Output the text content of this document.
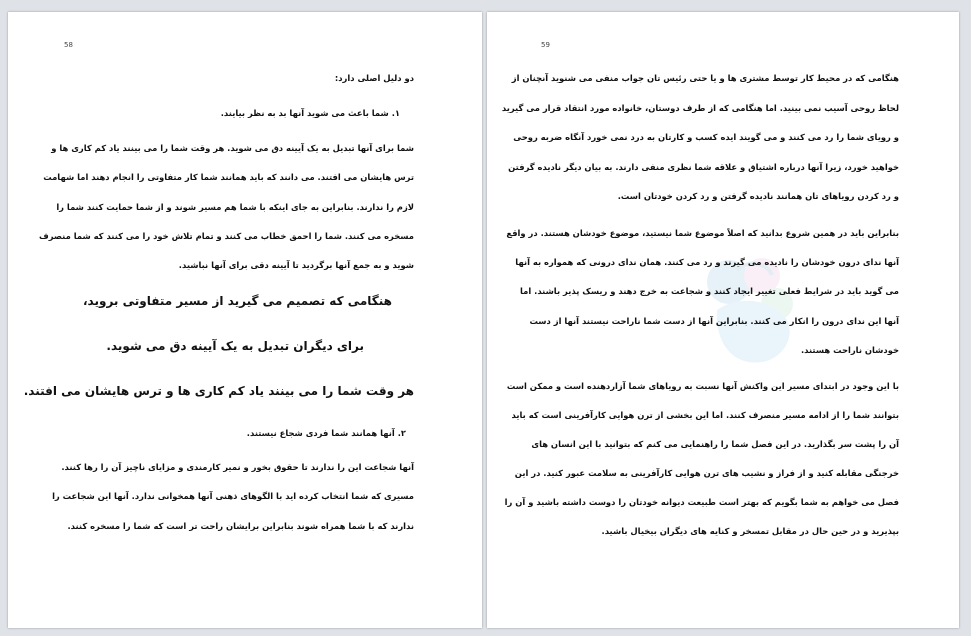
58
دو دلیل اصلی دارد:
١. شما باعث می شوید آنها بد به نظر بیایند.
شما برای آنها تبدیل به یک آیینه دق می شوید. هر وقت شما را می بینند یاد کم کاری ها و
ترس هایشان می افتند. می دانند که باید همانند شما کار متفاوتی را انجام دهند اما شهامت
لازم را ندارند. بنابراین به جای اینکه با شما هم مسیر شوند و از شما حمایت کنند شما را
مسخره می کنند. شما را احمق خطاب می کنند و تمام تلاش خود را می کنند که شما منصرف
شوید و به جمع آنها برگردید تا آیینه دقی برای آنها نباشید.
هنگامی که تصمیم می گیرید از مسیر متفاوتی بروید،
برای دیگران تبدیل به یک آیینه دق می شوید.
هر وقت شما را می بینند یاد کم کاری ها و ترس هایشان می افتند.
٢. آنها همانند شما فردی شجاع نیستند.
آنها شجاعت این را ندارند تا حقوق بخور و نمیر کارمندی و مزایای ناچیز آن را رها کنند.
مسیری که شما انتخاب کرده اید با الگوهای ذهنی آنها همخوانی ندارد. آنها این شجاعت را
ندارند که با شما همراه شوند بنابراین برایشان راحت تر است که شما را مسخره کنند.
59
هنگامی که در محیط کار توسط مشتری ها و یا حتی رئیس تان جواب منفی می شنوید آنچنان از
لحاظ روحی آسیب نمی بینید. اما هنگامی که از طرف دوستان، خانواده مورد انتقاد قرار می گیرید
و رویای شما را رد می کنند و می گویند ایده کسب و کارتان به درد نمی خورد آنگاه ضربه روحی
خواهید خورد، زیرا آنها درباره اشتیاق و علاقه شما نظری منفی دارند. به بیان دیگر نادیده گرفتن
و رد کردن رویاهای تان همانند نادیده گرفتن و رد کردن خودتان است.
بنابراین باید در همین شروع بدانید که اصلاً موضوع شما نیستید، موضوع خودشان هستند. در واقع
آنها ندای درون خودشان را نادیده می گیرند و رد می کنند. همان ندای درونی که همواره به آنها
می گوید باید در شرایط فعلی تغییر ایجاد کنند و شجاعت به خرج دهند و ریسک پذیر باشند. اما
آنها این ندای درون را انکار می کنند. بنابراین آنها از دست شما ناراحت نیستند آنها از دست
خودشان ناراحت هستند.
با این وجود در ابتدای مسیر این واکنش آنها نسبت به رویاهای شما آزاردهنده است و ممکن است
بتوانند شما را از ادامه مسیر منصرف کنند. اما این بخشی از ترن هوایی کارآفرینی است که باید
آن را پشت سر بگذارید. در این فصل شما را راهنمایی می کنم که بتوانید با این انسان های
خرجنگی مقابله کنید و از فراز و نشیب های ترن هوایی کارآفرینی به سلامت عبور کنید. در این
فصل می خواهم به شما بگویم که بهتر است طبیعت دیوانه خودتان را دوست داشته باشید و آن را
بپذیرید و در حین حال در مقابل تمسخر و کنایه های دیگران بیخیال باشید.
